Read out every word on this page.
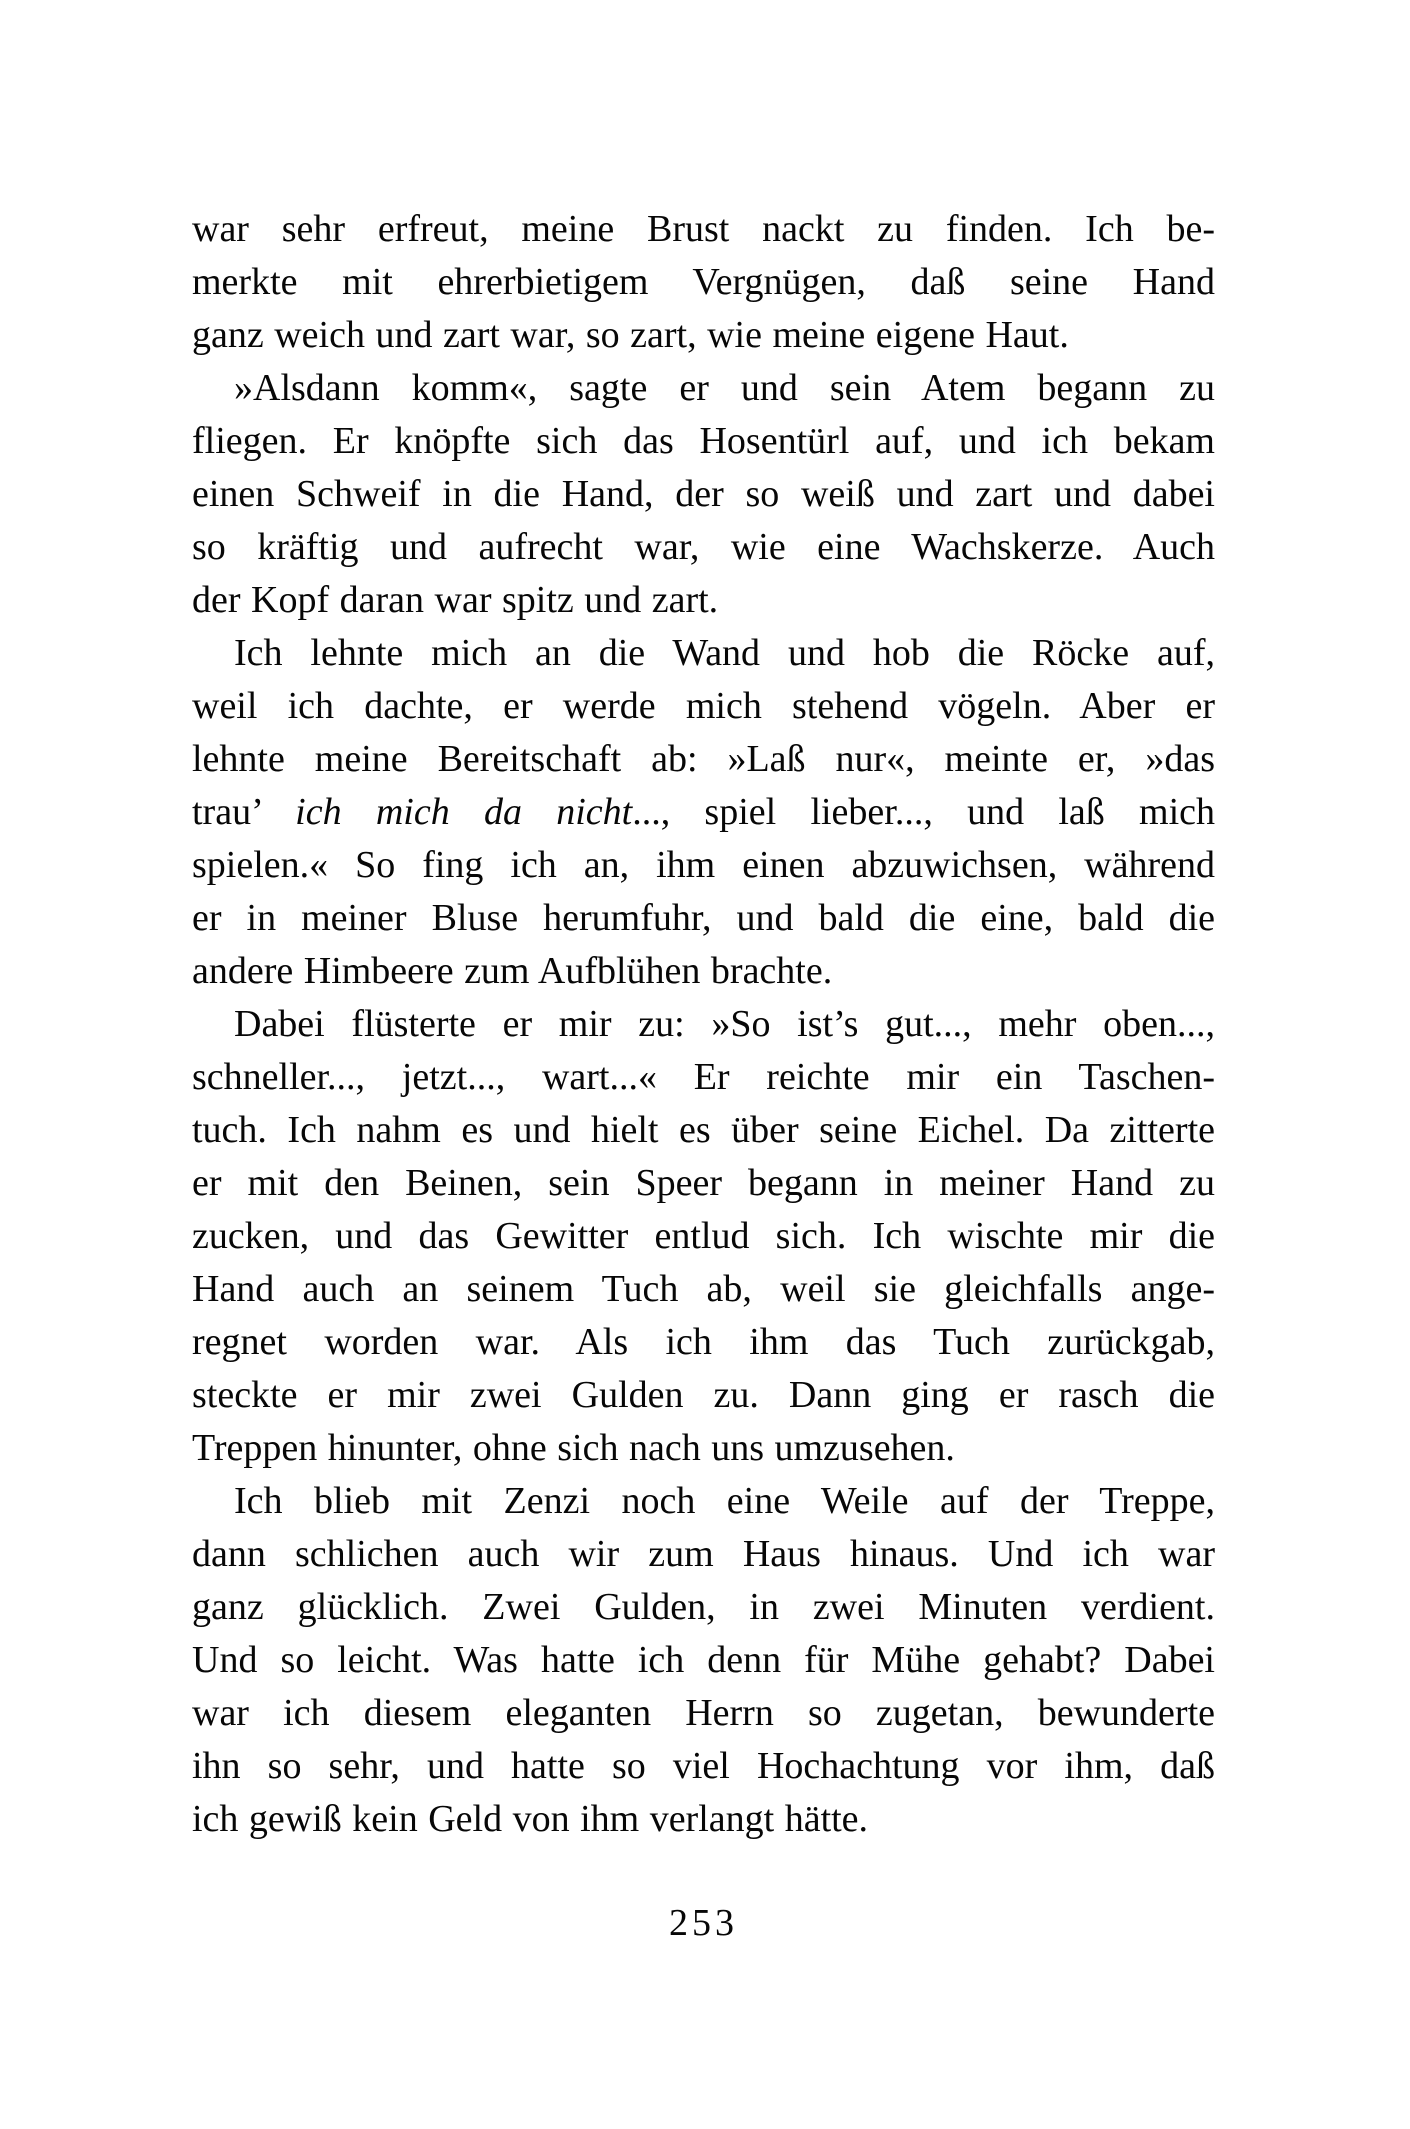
war sehr erfreut, meine Brust nackt zu finden. Ich be-
merkte mit ehrerbietigem Vergnügen, daß seine Hand
ganz weich und zart war, so zart, wie meine eigene Haut.
»Alsdann komm«, sagte er und sein Atem begann zu
fliegen. Er knöpfte sich das Hosentürl auf, und ich bekam
einen Schweif in die Hand, der so weiß und zart und dabei
so kräftig und aufrecht war, wie eine Wachskerze. Auch
der Kopf daran war spitz und zart.
Ich lehnte mich an die Wand und hob die Röcke auf,
weil ich dachte, er werde mich stehend vögeln. Aber er
lehnte meine Bereitschaft ab: »Laß nur«, meinte er, »das
trau’ ich mich da nicht..., spiel lieber..., und laß mich
spielen.« So fing ich an, ihm einen abzuwichsen, während
er in meiner Bluse herumfuhr, und bald die eine, bald die
andere Himbeere zum Aufblühen brachte.
Dabei flüsterte er mir zu: »So ist’s gut..., mehr oben...,
schneller..., jetzt..., wart...« Er reichte mir ein Taschen-
tuch. Ich nahm es und hielt es über seine Eichel. Da zitterte
er mit den Beinen, sein Speer begann in meiner Hand zu
zucken, und das Gewitter entlud sich. Ich wischte mir die
Hand auch an seinem Tuch ab, weil sie gleichfalls ange-
regnet worden war. Als ich ihm das Tuch zurückgab,
steckte er mir zwei Gulden zu. Dann ging er rasch die
Treppen hinunter, ohne sich nach uns umzusehen.
Ich blieb mit Zenzi noch eine Weile auf der Treppe,
dann schlichen auch wir zum Haus hinaus. Und ich war
ganz glücklich. Zwei Gulden, in zwei Minuten verdient.
Und so leicht. Was hatte ich denn für Mühe gehabt? Dabei
war ich diesem eleganten Herrn so zugetan, bewunderte
ihn so sehr, und hatte so viel Hochachtung vor ihm, daß
ich gewiß kein Geld von ihm verlangt hätte.
253
